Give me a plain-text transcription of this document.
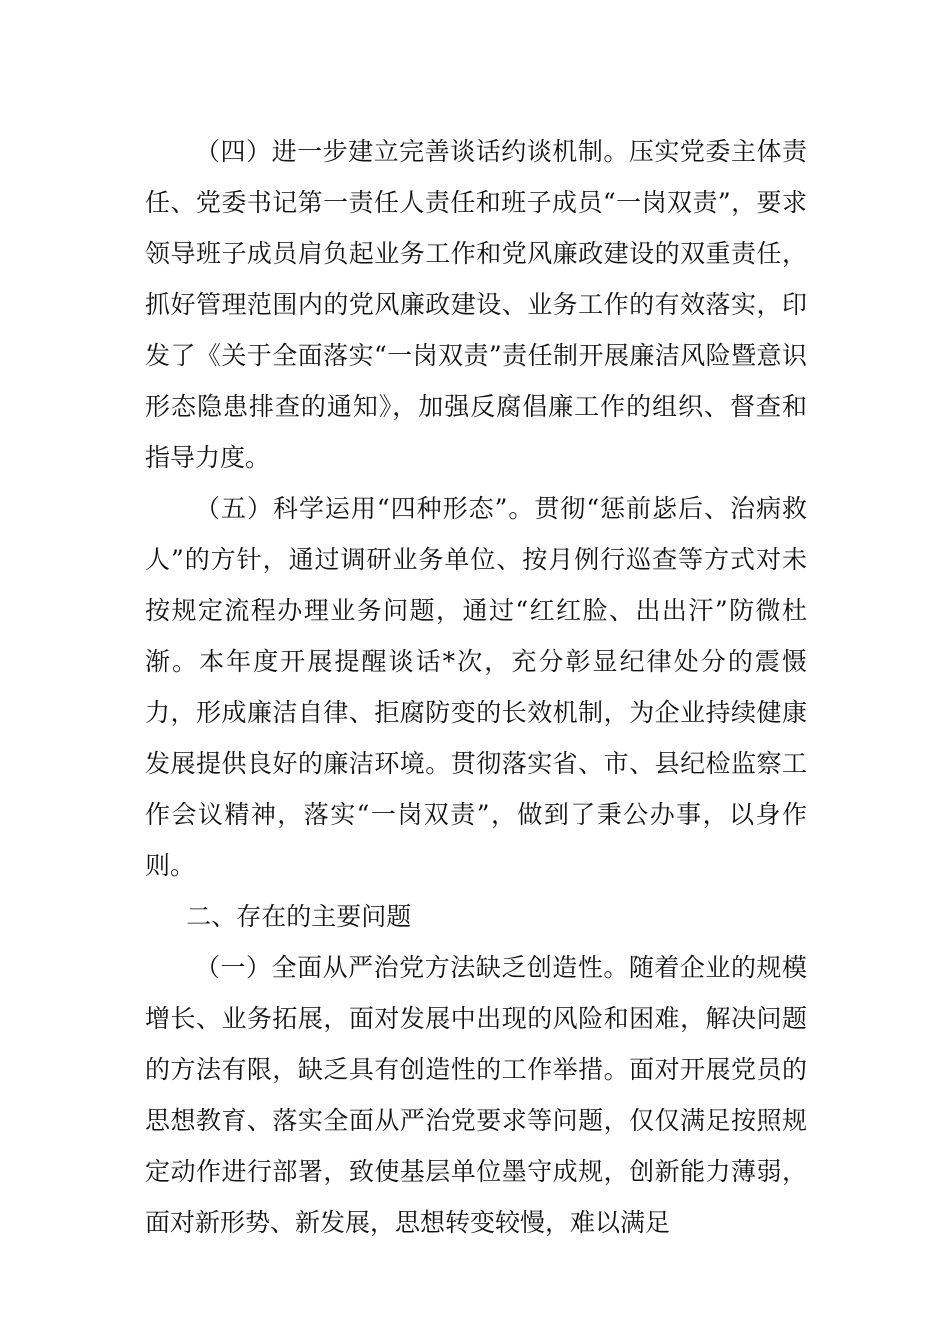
（四）进一步建立完善谈话约谈机制。压实党委主体责任、党委书记第一责任人责任和班子成员“一岗双责”，要求领导班子成员肩负起业务工作和党风廉政建设的双重责任，抓好管理范围内的党风廉政建设、业务工作的有效落实，印发了《关于全面落实“一岗双责”责任制开展廉洁风险暨意识形态隐患排查的通知》，加强反腐倡廉工作的组织、督查和指导力度。

（五）科学运用“四种形态”。贯彻“惩前毖后、治病救人”的方针，通过调研业务单位、按月例行巡查等方式对未按规定流程办理业务问题，通过“红红脸、出出汗”防微杜渐。本年度开展提醒谈话*次，充分彰显纪律处分的震慑力，形成廉洁自律、拒腐防变的长效机制，为企业持续健康发展提供良好的廉洁环境。贯彻落实省、市、县纪检监察工作会议精神，落实“一岗双责”，做到了秉公办事，以身作则。

二、存在的主要问题

（一）全面从严治党方法缺乏创造性。随着企业的规模增长、业务拓展，面对发展中出现的风险和困难，解决问题的方法有限，缺乏具有创造性的工作举措。面对开展党员的思想教育、落实全面从严治党要求等问题，仅仅满足按照规定动作进行部署，致使基层单位墨守成规，创新能力薄弱，面对新形势、新发展，思想转变较慢，难以满足
